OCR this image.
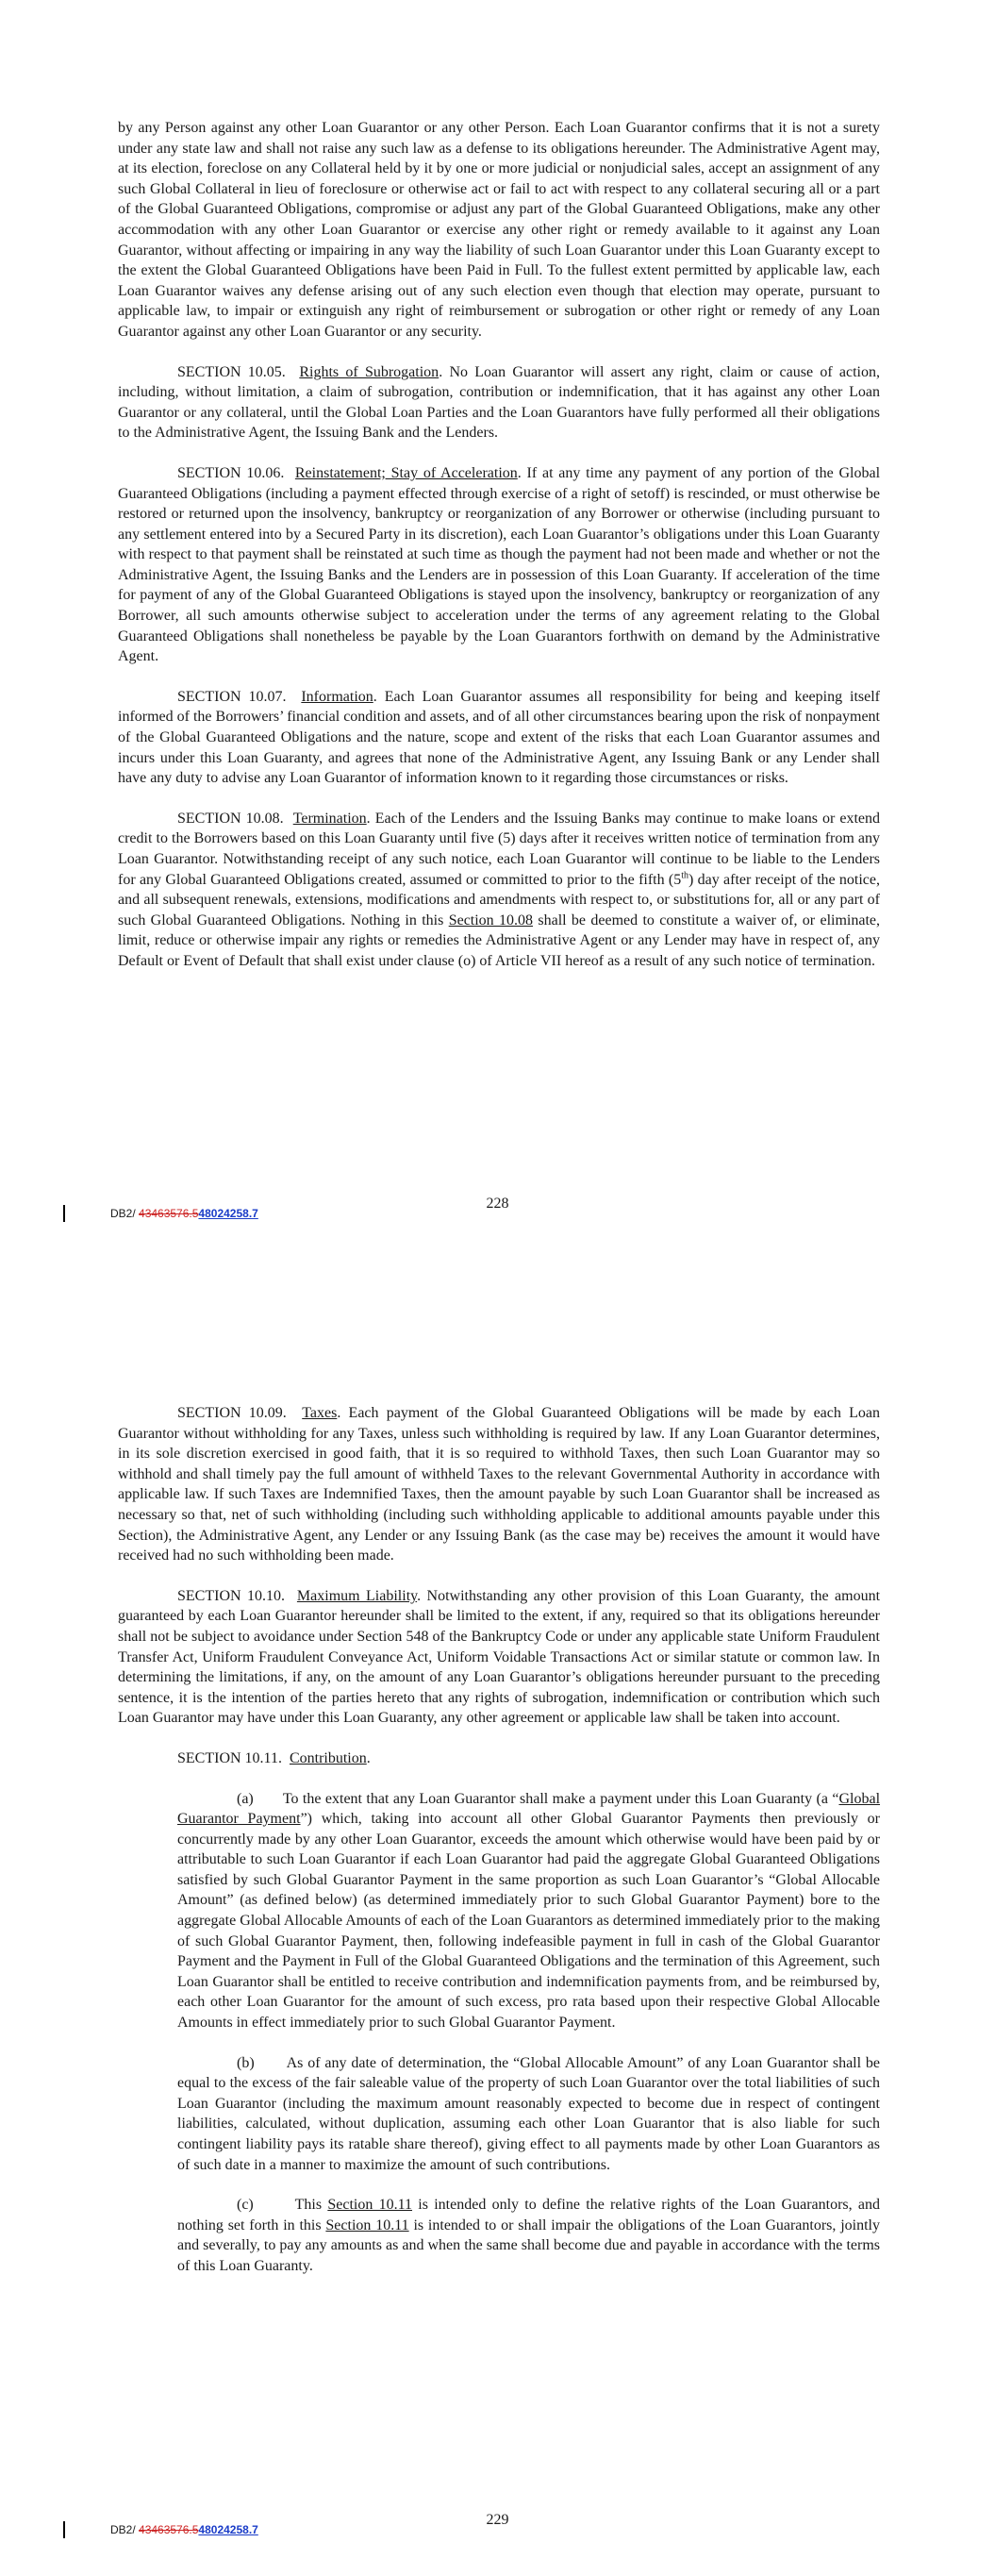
by any Person against any other Loan Guarantor or any other Person. Each Loan Guarantor confirms that it is not a surety under any state law and shall not raise any such law as a defense to its obligations hereunder. The Administrative Agent may, at its election, foreclose on any Collateral held by it by one or more judicial or nonjudicial sales, accept an assignment of any such Global Collateral in lieu of foreclosure or otherwise act or fail to act with respect to any collateral securing all or a part of the Global Guaranteed Obligations, compromise or adjust any part of the Global Guaranteed Obligations, make any other accommodation with any other Loan Guarantor or exercise any other right or remedy available to it against any Loan Guarantor, without affecting or impairing in any way the liability of such Loan Guarantor under this Loan Guaranty except to the extent the Global Guaranteed Obligations have been Paid in Full. To the fullest extent permitted by applicable law, each Loan Guarantor waives any defense arising out of any such election even though that election may operate, pursuant to applicable law, to impair or extinguish any right of reimbursement or subrogation or other right or remedy of any Loan Guarantor against any other Loan Guarantor or any security.

SECTION 10.05. Rights of Subrogation. No Loan Guarantor will assert any right, claim or cause of action, including, without limitation, a claim of subrogation, contribution or indemnification, that it has against any other Loan Guarantor or any collateral, until the Global Loan Parties and the Loan Guarantors have fully performed all their obligations to the Administrative Agent, the Issuing Bank and the Lenders.

SECTION 10.06. Reinstatement; Stay of Acceleration. If at any time any payment of any portion of the Global Guaranteed Obligations (including a payment effected through exercise of a right of setoff) is rescinded, or must otherwise be restored or returned upon the insolvency, bankruptcy or reorganization of any Borrower or otherwise (including pursuant to any settlement entered into by a Secured Party in its discretion), each Loan Guarantor’s obligations under this Loan Guaranty with respect to that payment shall be reinstated at such time as though the payment had not been made and whether or not the Administrative Agent, the Issuing Banks and the Lenders are in possession of this Loan Guaranty. If acceleration of the time for payment of any of the Global Guaranteed Obligations is stayed upon the insolvency, bankruptcy or reorganization of any Borrower, all such amounts otherwise subject to acceleration under the terms of any agreement relating to the Global Guaranteed Obligations shall nonetheless be payable by the Loan Guarantors forthwith on demand by the Administrative Agent.

SECTION 10.07. Information. Each Loan Guarantor assumes all responsibility for being and keeping itself informed of the Borrowers’ financial condition and assets, and of all other circumstances bearing upon the risk of nonpayment of the Global Guaranteed Obligations and the nature, scope and extent of the risks that each Loan Guarantor assumes and incurs under this Loan Guaranty, and agrees that none of the Administrative Agent, any Issuing Bank or any Lender shall have any duty to advise any Loan Guarantor of information known to it regarding those circumstances or risks.

SECTION 10.08. Termination. Each of the Lenders and the Issuing Banks may continue to make loans or extend credit to the Borrowers based on this Loan Guaranty until five (5) days after it receives written notice of termination from any Loan Guarantor. Notwithstanding receipt of any such notice, each Loan Guarantor will continue to be liable to the Lenders for any Global Guaranteed Obligations created, assumed or committed to prior to the fifth (5th) day after receipt of the notice, and all subsequent renewals, extensions, modifications and amendments with respect to, or substitutions for, all or any part of such Global Guaranteed Obligations. Nothing in this Section 10.08 shall be deemed to constitute a waiver of, or eliminate, limit, reduce or otherwise impair any rights or remedies the Administrative Agent or any Lender may have in respect of, any Default or Event of Default that shall exist under clause (o) of Article VII hereof as a result of any such notice of termination.

DB2/ 43463576.548024258.7
228

SECTION 10.09. Taxes. Each payment of the Global Guaranteed Obligations will be made by each Loan Guarantor without withholding for any Taxes, unless such withholding is required by law. If any Loan Guarantor determines, in its sole discretion exercised in good faith, that it is so required to withhold Taxes, then such Loan Guarantor may so withhold and shall timely pay the full amount of withheld Taxes to the relevant Governmental Authority in accordance with applicable law. If such Taxes are Indemnified Taxes, then the amount payable by such Loan Guarantor shall be increased as necessary so that, net of such withholding (including such withholding applicable to additional amounts payable under this Section), the Administrative Agent, any Lender or any Issuing Bank (as the case may be) receives the amount it would have received had no such withholding been made.

SECTION 10.10. Maximum Liability. Notwithstanding any other provision of this Loan Guaranty, the amount guaranteed by each Loan Guarantor hereunder shall be limited to the extent, if any, required so that its obligations hereunder shall not be subject to avoidance under Section 548 of the Bankruptcy Code or under any applicable state Uniform Fraudulent Transfer Act, Uniform Fraudulent Conveyance Act, Uniform Voidable Transactions Act or similar statute or common law. In determining the limitations, if any, on the amount of any Loan Guarantor’s obligations hereunder pursuant to the preceding sentence, it is the intention of the parties hereto that any rights of subrogation, indemnification or contribution which such Loan Guarantor may have under this Loan Guaranty, any other agreement or applicable law shall be taken into account.

SECTION 10.11. Contribution.

(a) To the extent that any Loan Guarantor shall make a payment under this Loan Guaranty (a “Global Guarantor Payment”) which, taking into account all other Global Guarantor Payments then previously or concurrently made by any other Loan Guarantor, exceeds the amount which otherwise would have been paid by or attributable to such Loan Guarantor if each Loan Guarantor had paid the aggregate Global Guaranteed Obligations satisfied by such Global Guarantor Payment in the same proportion as such Loan Guarantor’s “Global Allocable Amount” (as defined below) (as determined immediately prior to such Global Guarantor Payment) bore to the aggregate Global Allocable Amounts of each of the Loan Guarantors as determined immediately prior to the making of such Global Guarantor Payment, then, following indefeasible payment in full in cash of the Global Guarantor Payment and the Payment in Full of the Global Guaranteed Obligations and the termination of this Agreement, such Loan Guarantor shall be entitled to receive contribution and indemnification payments from, and be reimbursed by, each other Loan Guarantor for the amount of such excess, pro rata based upon their respective Global Allocable Amounts in effect immediately prior to such Global Guarantor Payment.

(b) As of any date of determination, the “Global Allocable Amount” of any Loan Guarantor shall be equal to the excess of the fair saleable value of the property of such Loan Guarantor over the total liabilities of such Loan Guarantor (including the maximum amount reasonably expected to become due in respect of contingent liabilities, calculated, without duplication, assuming each other Loan Guarantor that is also liable for such contingent liability pays its ratable share thereof), giving effect to all payments made by other Loan Guarantors as of such date in a manner to maximize the amount of such contributions.

(c)	This Section 10.11 is intended only to define the relative rights of the Loan Guarantors, and nothing set forth in this Section 10.11 is intended to or shall impair the obligations of the Loan Guarantors, jointly and severally, to pay any amounts as and when the same shall become due and payable in accordance with the terms of this Loan Guaranty.

DB2/ 43463576.548024258.7
229
